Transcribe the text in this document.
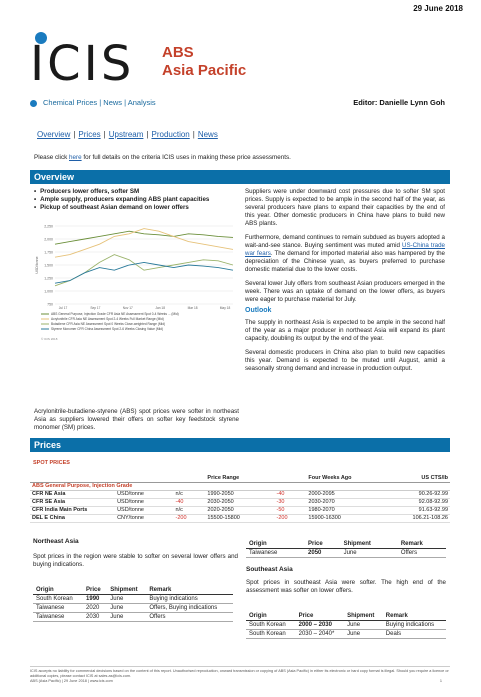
29 June 2018
ICIS ABS
Asia Pacific
Chemical Prices | News | Analysis	Editor: Danielle Lynn Goh
Overview | Prices | Upstream | Production | News
Please click here for full details on the criteria ICIS uses in making these price assessments.
Overview
• Producers lower offers, softer SM
• Ample supply, producers expanding ABS plant capacities
• Pickup of southeast Asian demand on lower offers
2,250
2,000
1,750
1,500
1,250
1,000
750
USD/tonne
Jul 17	Sep 17	Nov 17	Jan 18	Mar 18	May 18
ABS General Purpose, Injection Grade CFR Asia NE Assessment Spot 0-4 Weeks ... (Mid)
Acrylonitrile CFR Asia NE Assessment Spot 2-4 Weeks Full Market Range (Mid)
Butadiene CFR Asia NE Assessment Spot 0 Weeks Close-weighted Range (Mid)
Styrene Monomer CFR China Assessment Spot 2-6 Weeks Closing Value (Mid)
© ICIS 2018
Acrylonitrile-butadiene-styrene (ABS) spot prices were softer in northeast Asia as suppliers lowered their offers on softer key feedstock styrene monomer (SM) prices.

Suppliers were under downward cost pressures due to softer SM spot prices. Supply is expected to be ample in the second half of the year, as several producers have plans to expand their capacities by the end of this year. Other domestic producers in China have plans to build new ABS plants.

Furthermore, demand continues to remain subdued as buyers adopted a wait-and-see stance. Buying sentiment was muted amid US-China trade war fears. The demand for imported material also was hampered by the depreciation of the Chinese yuan, as buyers preferred to purchase domestic material due to the lower costs.

Several lower July offers from southeast Asian producers emerged in the week. There was an uptake of demand on the lower offers, as buyers were eager to purchase material for July.

Outlook

The supply in northeast Asia is expected to be ample in the second half of the year as a major producer in northeast Asia will expand its plant capacity, doubling its output by the end of the year.

Several domestic producers in China also plan to build new capacities this year. Demand is expected to be muted until August, amid a seasonally strong demand and increase in production output.

Prices
SPOT PRICES
			Price Range		Four Weeks Ago	US CTS/lb
ABS General Purpose, Injection Grade						
CFR NE Asia	USD/tonne	n/c	1990-2050	-40	2000-2095	90.26-92.99
CFR SE Asia	USD/tonne	-40	2030-2050	-30	2030-2070	92.08-92.99
CFR India Main Ports	USD/tonne	n/c	2020-2050	-50	1980-2070	91.63-92.99
DEL E China	CNY/tonne	-200	15500-15800	-200	15900-16300	106.21-108.26
Northeast Asia
Spot prices in the region were stable to softer on several lower offers and buying indications.
Origin	Price	Shipment	Remark
South Korean	1990	June	Buying indications
Taiwanese	2020	June	Offers, Buying indications
Taiwanese	2030	June	Offers
Origin	Price	Shipment	Remark
Taiwanese	2050	June	Offers
Southeast Asia
Spot prices in southeast Asia were softer. The high end of the assessment was softer on lower offers.
Origin	Price	Shipment	Remark
South Korean	2000 – 2030	June	Buying indications
South Korean	2030 – 2040*	June	Deals
ICIS accepts no liability for commercial decisions based on the content of this report. Unauthorised reproduction, onward transmission or copying of ABS (Asia Pacific) in either its electronic or hard copy format is illegal. Should you require a licence or additional copies, please contact ICIS at sales.as@icis.com.
ABS (Asia Pacific) | 29 June 2018 | www.icis.com	1
